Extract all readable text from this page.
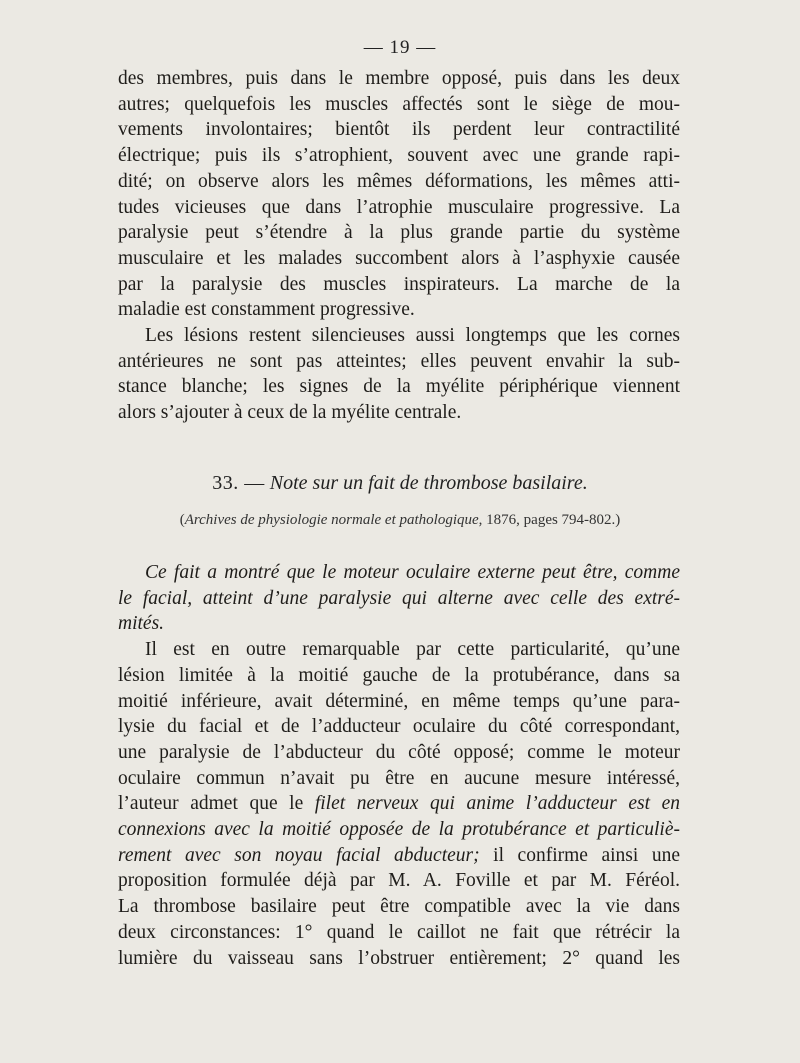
— 19 —
des membres, puis dans le membre opposé, puis dans les deux
autres; quelquefois les muscles affectés sont le siège de mou-
vements involontaires; bientôt ils perdent leur contractilité
électrique; puis ils s’atrophient, souvent avec une grande rapi-
dité; on observe alors les mêmes déformations, les mêmes atti-
tudes vicieuses que dans l’atrophie musculaire progressive. La
paralysie peut s’étendre à la plus grande partie du système
musculaire et les malades succombent alors à l’asphyxie causée
par la paralysie des muscles inspirateurs. La marche de la
maladie est constamment progressive.
Les lésions restent silencieuses aussi longtemps que les cornes
antérieures ne sont pas atteintes; elles peuvent envahir la sub-
stance blanche; les signes de la myélite périphérique viennent
alors s’ajouter à ceux de la myélite centrale.
33. — Note sur un fait de thrombose basilaire.
(Archives de physiologie normale et pathologique, 1876, pages 794-802.)
Ce fait a montré que le moteur oculaire externe peut être, comme
le facial, atteint d’une paralysie qui alterne avec celle des extré-
mités.
Il est en outre remarquable par cette particularité, qu’une
lésion limitée à la moitié gauche de la protubérance, dans sa
moitié inférieure, avait déterminé, en même temps qu’une para-
lysie du facial et de l’adducteur oculaire du côté correspondant,
une paralysie de l’abducteur du côté opposé; comme le moteur
oculaire commun n’avait pu être en aucune mesure intéressé,
l’auteur admet que le filet nerveux qui anime l’adducteur est en
connexions avec la moitié opposée de la protubérance et particuliè-
rement avec son noyau facial abducteur; il confirme ainsi une
proposition formulée déjà par M. A. Foville et par M. Féréol.
La thrombose basilaire peut être compatible avec la vie dans
deux circonstances: 1° quand le caillot ne fait que rétrécir la
lumière du vaisseau sans l’obstruer entièrement; 2° quand les
